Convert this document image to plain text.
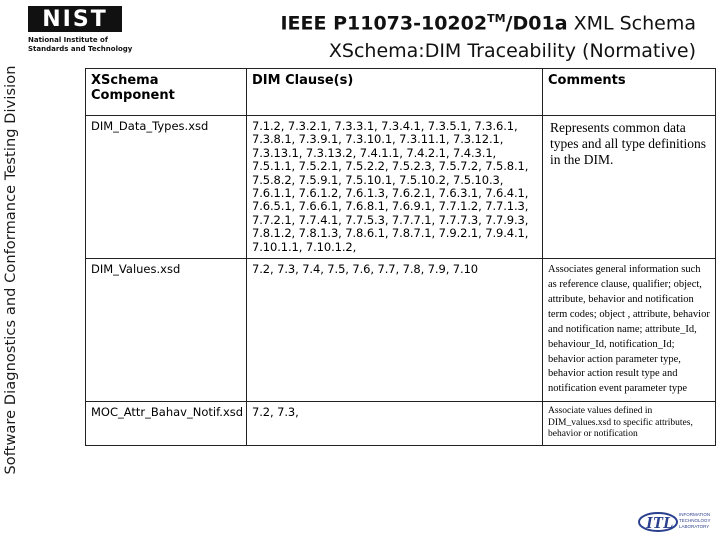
Software Diagnostics and Conformance Testing Division
NIST
National Institute of
Standards and Technology
IEEE P11073-10202™/D01a XML Schema
XSchema:DIM Traceability (Normative)
XSchema Component	DIM Clause(s)	Comments
DIM_Data_Types.xsd	7.1.2, 7.3.2.1, 7.3.3.1, 7.3.4.1, 7.3.5.1, 7.3.6.1, 7.3.8.1, 7.3.9.1, 7.3.10.1, 7.3.11.1, 7.3.12.1, 7.3.13.1, 7.3.13.2, 7.4.1.1, 7.4.2.1, 7.4.3.1, 7.5.1.1, 7.5.2.1, 7.5.2.2, 7.5.2.3, 7.5.7.2, 7.5.8.1, 7.5.8.2, 7.5.9.1, 7.5.10.1, 7.5.10.2, 7.5.10.3, 7.6.1.1, 7.6.1.2, 7.6.1.3, 7.6.2.1, 7.6.3.1, 7.6.4.1, 7.6.5.1, 7.6.6.1, 7.6.8.1, 7.6.9.1, 7.7.1.2, 7.7.1.3, 7.7.2.1, 7.7.4.1, 7.7.5.3, 7.7.7.1, 7.7.7.3, 7.7.9.3, 7.8.1.2, 7.8.1.3, 7.8.6.1, 7.8.7.1, 7.9.2.1, 7.9.4.1, 7.10.1.1, 7.10.1.2,	Represents common data types and all type definitions in the DIM.
DIM_Values.xsd	7.2, 7.3, 7.4, 7.5, 7.6, 7.7, 7.8, 7.9, 7.10	Associates general information such as reference clause, qualifier; object, attribute, behavior and notification term codes; object , attribute, behavior and notification name; attribute_Id, behaviour_Id, notification_Id; behavior action parameter type, behavior action result type and notification event parameter type
MOC_Attr_Bahav_Notif.xsd	7.2, 7.3,	Associate values defined in DIM_values.xsd to specific attributes, behavior or notification
ITL INFORMATION
TECHNOLOGY
LABORATORY
